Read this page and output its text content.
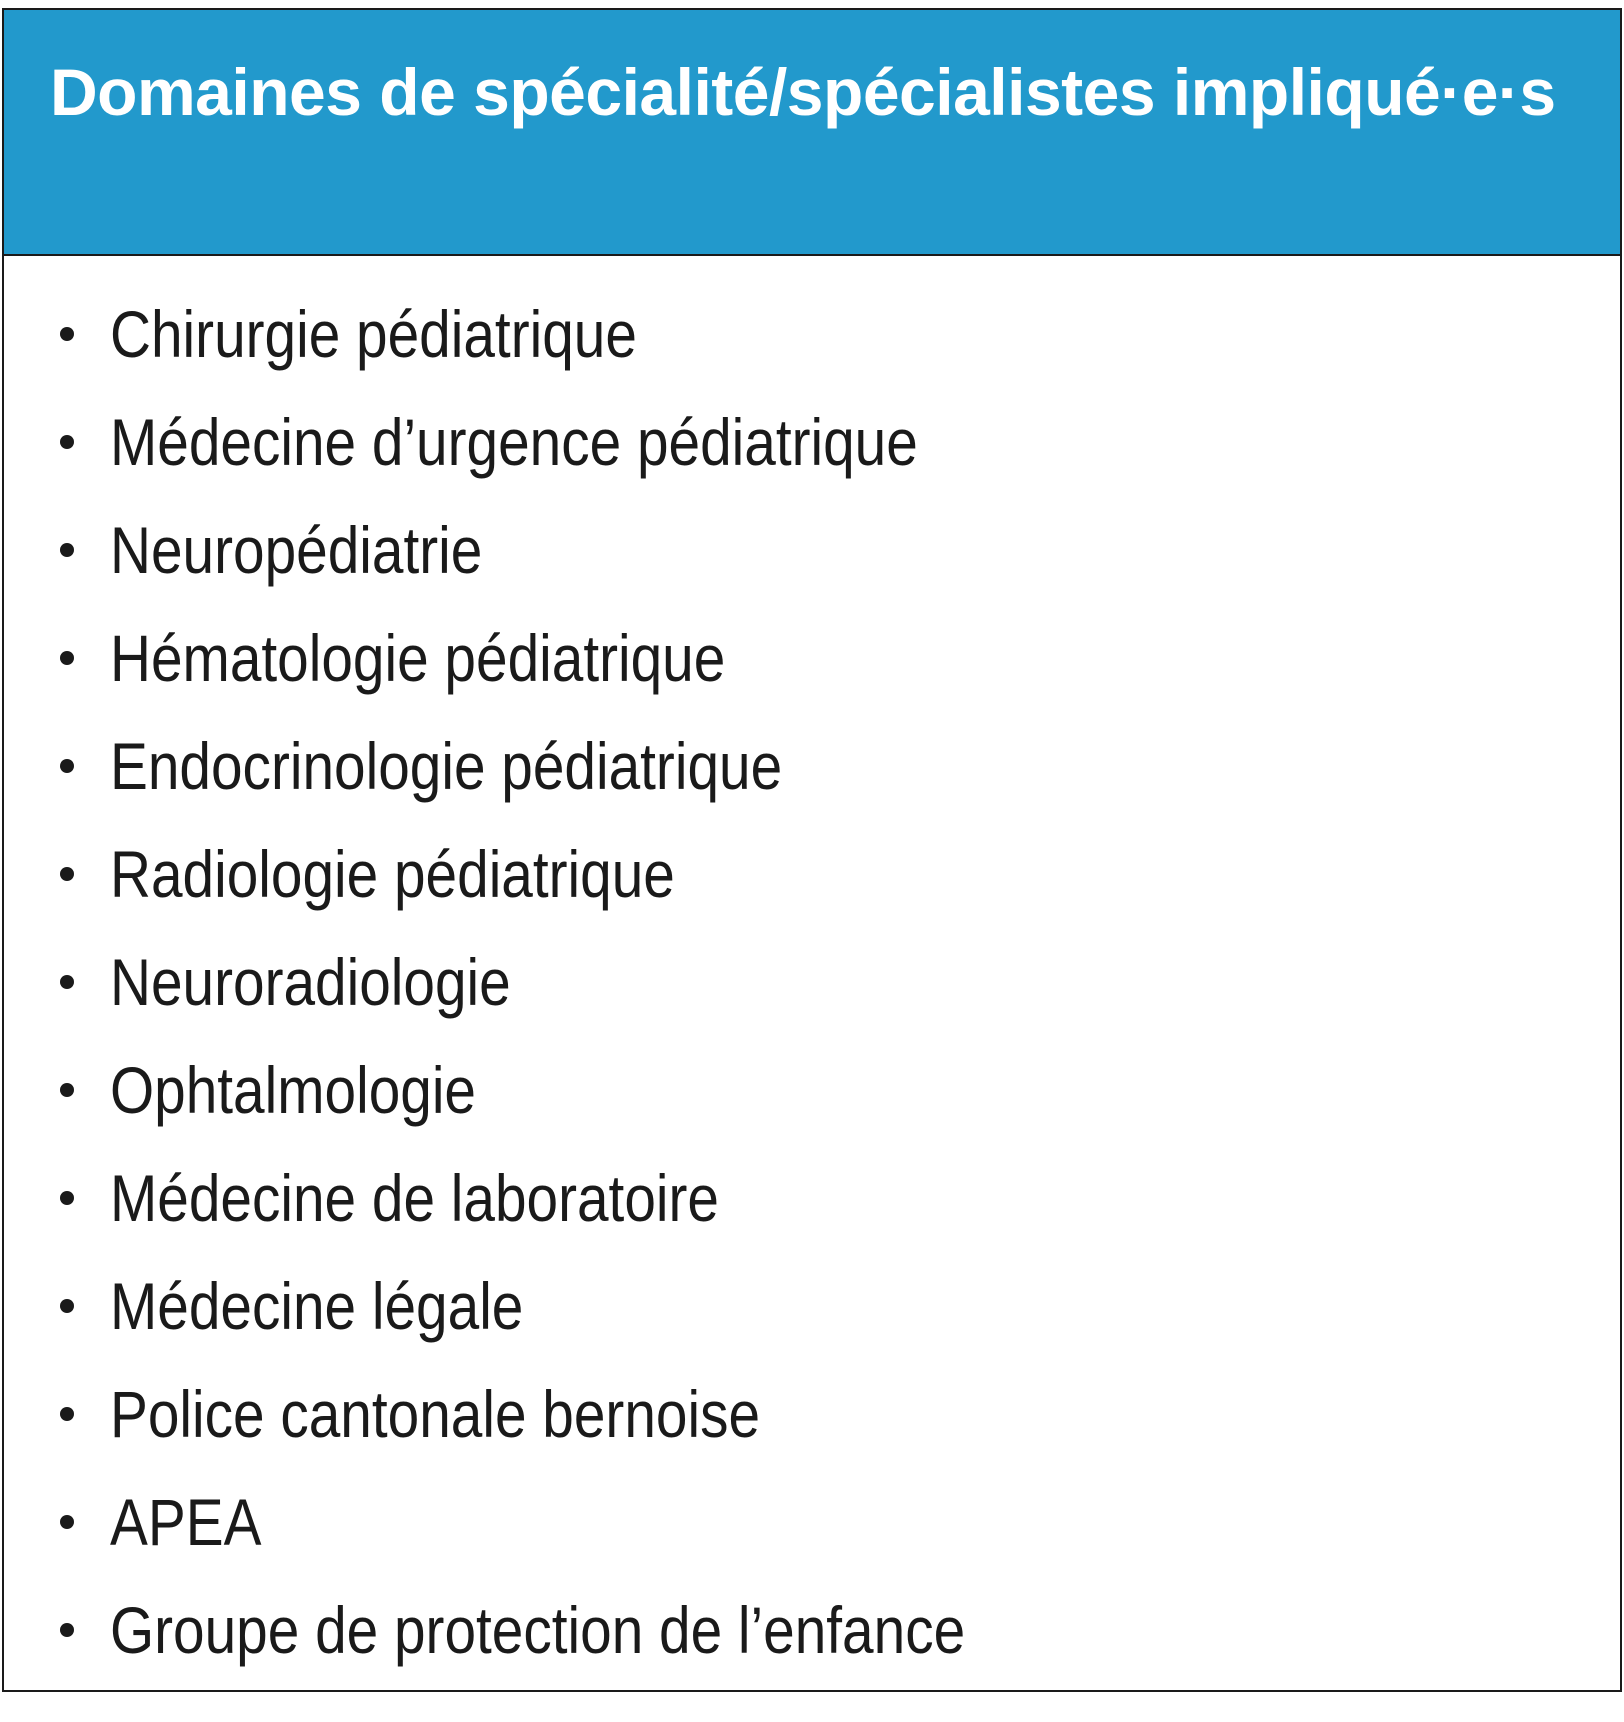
Domaines de spécialité/spécialistes impliqué·e·s
Chirurgie pédiatrique
Médecine d’urgence pédiatrique
Neuropédiatrie
Hématologie pédiatrique
Endocrinologie pédiatrique
Radiologie pédiatrique
Neuroradiologie
Ophtalmologie
Médecine de laboratoire
Médecine légale
Police cantonale bernoise
APEA
Groupe de protection de l’enfance
